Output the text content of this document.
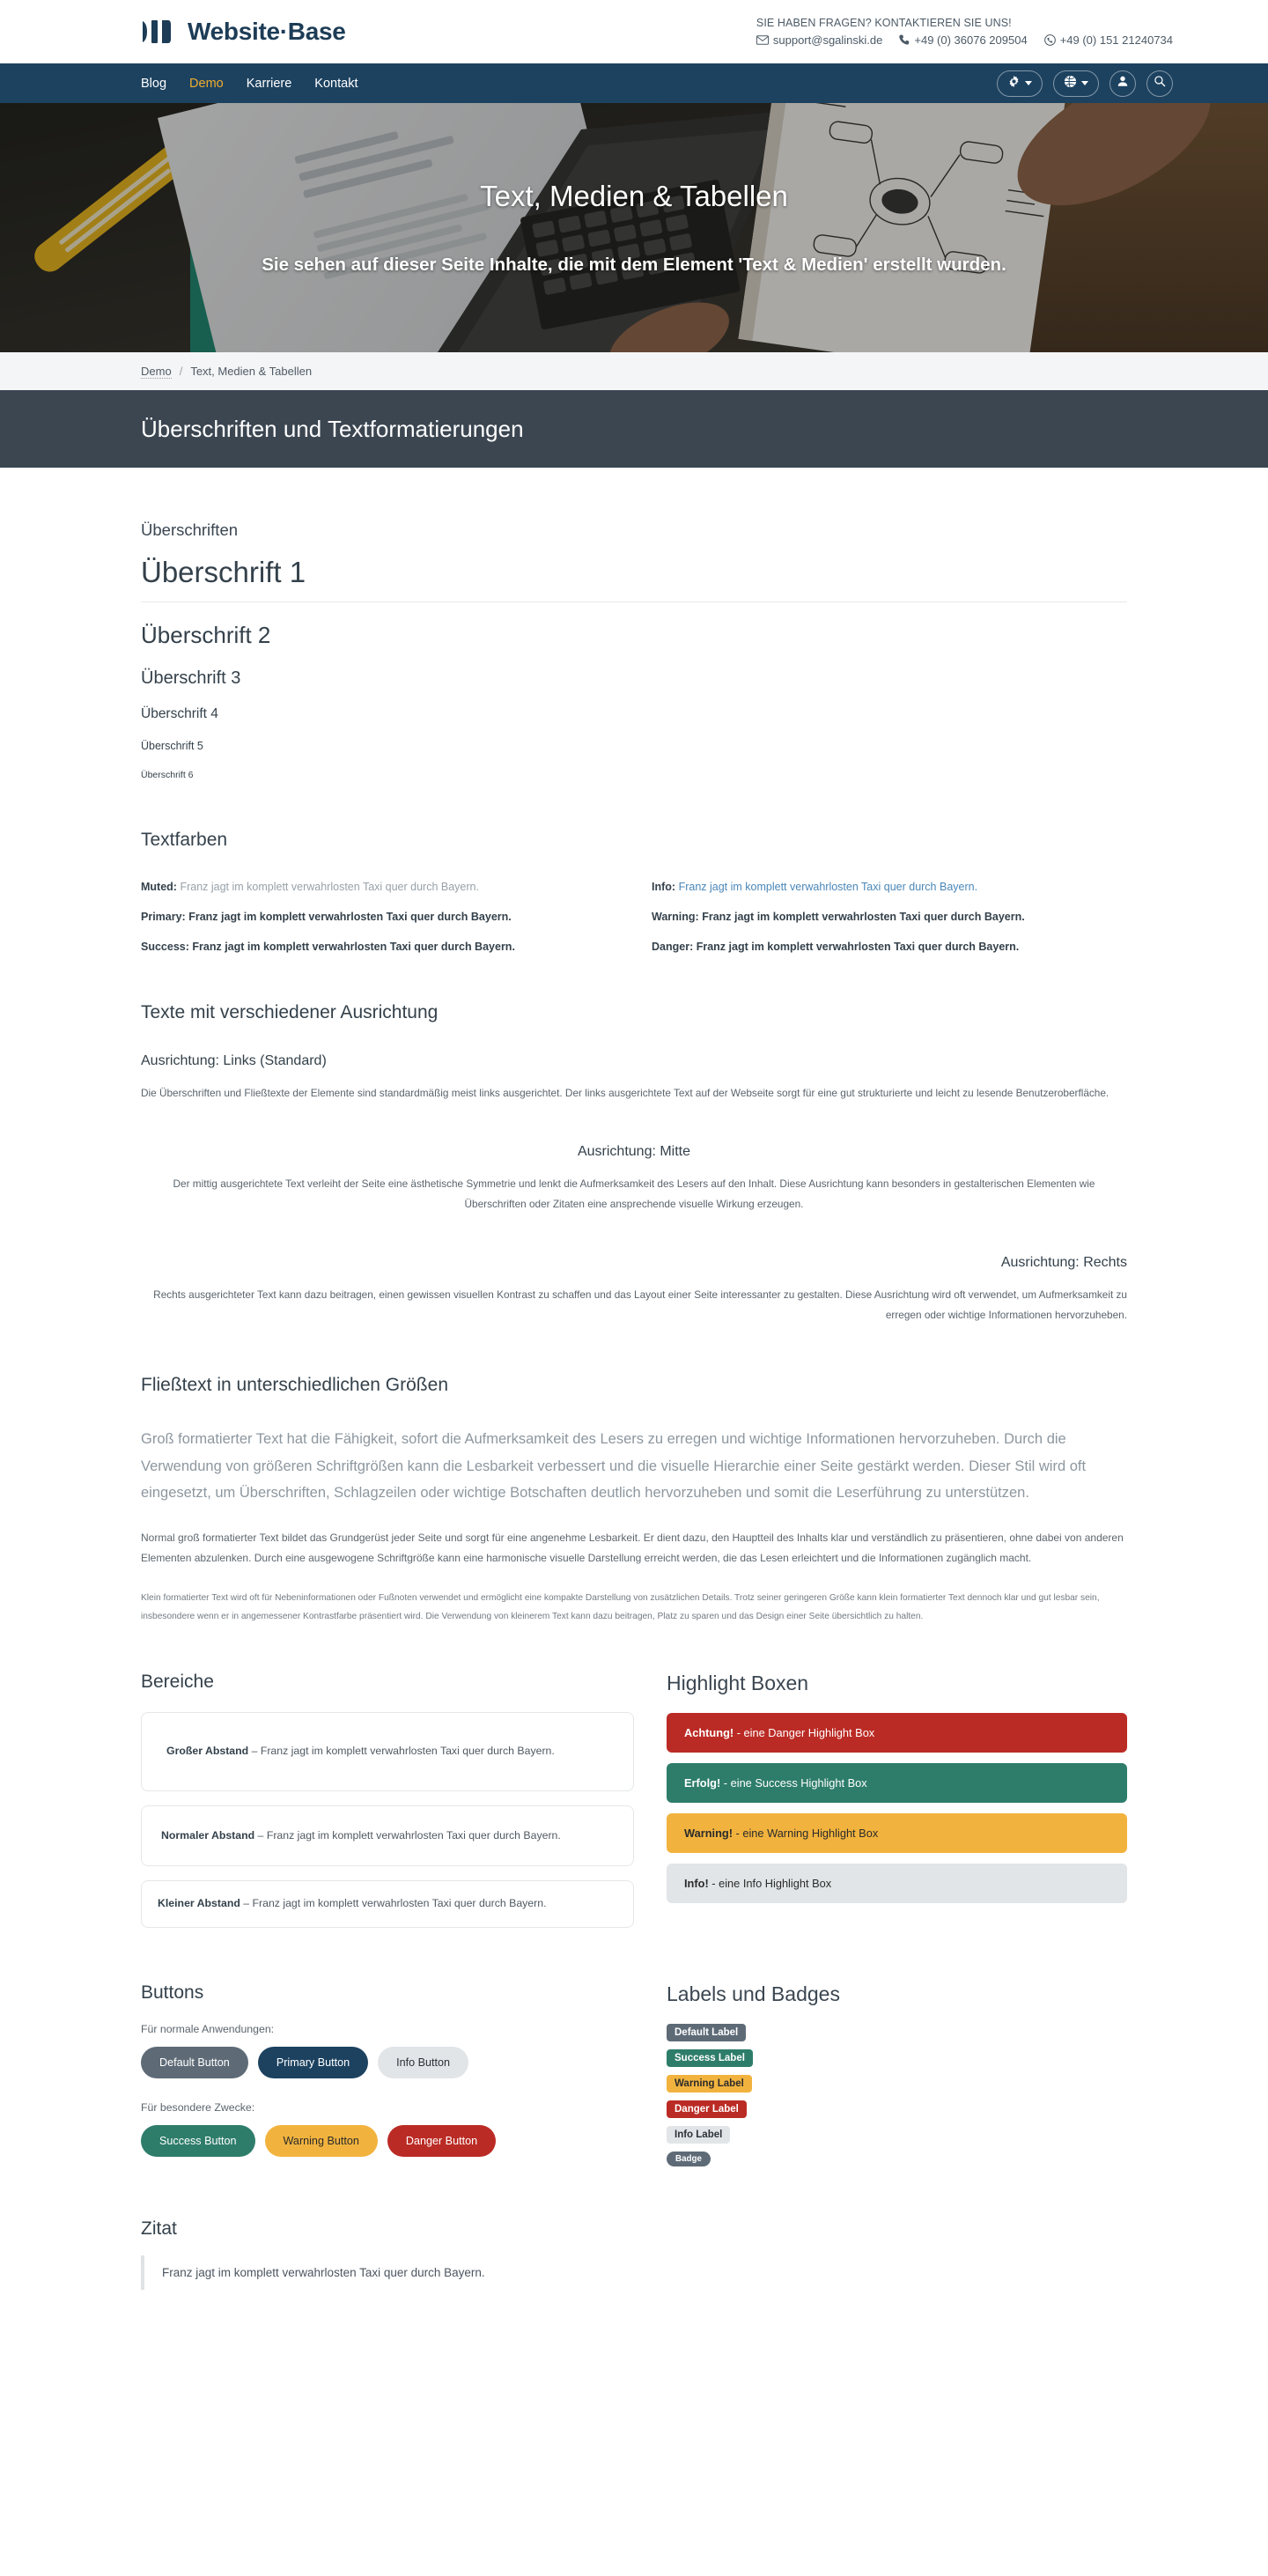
Website·Base	SIE HABEN FRAGEN? KONTAKTIEREN SIE UNS!
support@sgalinski.de	+49 (0) 36076 209504	+49 (0) 151 21240734
Blog Demo Karriere Kontakt
Text, Medien & Tabellen
Sie sehen auf dieser Seite Inhalte, die mit dem Element 'Text & Medien' erstellt wurden.
Demo / Text, Medien & Tabellen
Überschriften und Textformatierungen
Überschriften
Überschrift 1
Überschrift 2
Überschrift 3
Überschrift 4
Überschrift 5
Überschrift 6
Textfarben
Muted: Franz jagt im komplett verwahrlosten Taxi quer durch Bayern.	Info: Franz jagt im komplett verwahrlosten Taxi quer durch Bayern.
Primary: Franz jagt im komplett verwahrlosten Taxi quer durch Bayern.	Warning: Franz jagt im komplett verwahrlosten Taxi quer durch Bayern.
Success: Franz jagt im komplett verwahrlosten Taxi quer durch Bayern.	Danger: Franz jagt im komplett verwahrlosten Taxi quer durch Bayern.
Texte mit verschiedener Ausrichtung
Ausrichtung: Links (Standard)

Die Überschriften und Fließtexte der Elemente sind standardmäßig meist links ausgerichtet. Der links ausgerichtete Text auf der Webseite sorgt für eine gut strukturierte und leicht zu lesende Benutzeroberfläche.

Ausrichtung: Mitte

Der mittig ausgerichtete Text verleiht der Seite eine ästhetische Symmetrie und lenkt die Aufmerksamkeit des Lesers auf den Inhalt. Diese Ausrichtung kann besonders in gestalterischen Elementen wie Überschriften oder Zitaten eine ansprechende visuelle Wirkung erzeugen.

Ausrichtung: Rechts

Rechts ausgerichteter Text kann dazu beitragen, einen gewissen visuellen Kontrast zu schaffen und das Layout einer Seite interessanter zu gestalten. Diese Ausrichtung wird oft verwendet, um Aufmerksamkeit zu erregen oder wichtige Informationen hervorzuheben.

Fließtext in unterschiedlichen Größen

Groß formatierter Text hat die Fähigkeit, sofort die Aufmerksamkeit des Lesers zu erregen und wichtige Informationen hervorzuheben. Durch die Verwendung von größeren Schriftgrößen kann die Lesbarkeit verbessert und die visuelle Hierarchie einer Seite gestärkt werden. Dieser Stil wird oft eingesetzt, um Überschriften, Schlagzeilen oder wichtige Botschaften deutlich hervorzuheben und somit die Leserführung zu unterstützen.

Normal groß formatierter Text bildet das Grundgerüst jeder Seite und sorgt für eine angenehme Lesbarkeit. Er dient dazu, den Hauptteil des Inhalts klar und verständlich zu präsentieren, ohne dabei von anderen Elementen abzulenken. Durch eine ausgewogene Schriftgröße kann eine harmonische visuelle Darstellung erreicht werden, die das Lesen erleichtert und die Informationen zugänglich macht.

Klein formatierter Text wird oft für Nebeninformationen oder Fußnoten verwendet und ermöglicht eine kompakte Darstellung von zusätzlichen Details. Trotz seiner geringeren Größe kann klein formatierter Text dennoch klar und gut lesbar sein, insbesondere wenn er in angemessener Kontrastfarbe präsentiert wird. Die Verwendung von kleinerem Text kann dazu beitragen, Platz zu sparen und das Design einer Seite übersichtlich zu halten.

Bereiche
Großer Abstand – Franz jagt im komplett verwahrlosten Taxi quer durch Bayern.
Normaler Abstand – Franz jagt im komplett verwahrlosten Taxi quer durch Bayern.
Kleiner Abstand – Franz jagt im komplett verwahrlosten Taxi quer durch Bayern.
Highlight Boxen
Achtung! - eine Danger Highlight Box
Erfolg! - eine Success Highlight Box
Warning! - eine Warning Highlight Box
Info! - eine Info Highlight Box
Buttons
Für normale Anwendungen:
Default Button	Primary Button	Info Button
Für besondere Zwecke:
Success Button	Warning Button	Danger Button
Labels und Badges
Default Label
Success Label
Warning Label
Danger Label
Info Label
Badge
Zitat
Franz jagt im komplett verwahrlosten Taxi quer durch Bayern.
